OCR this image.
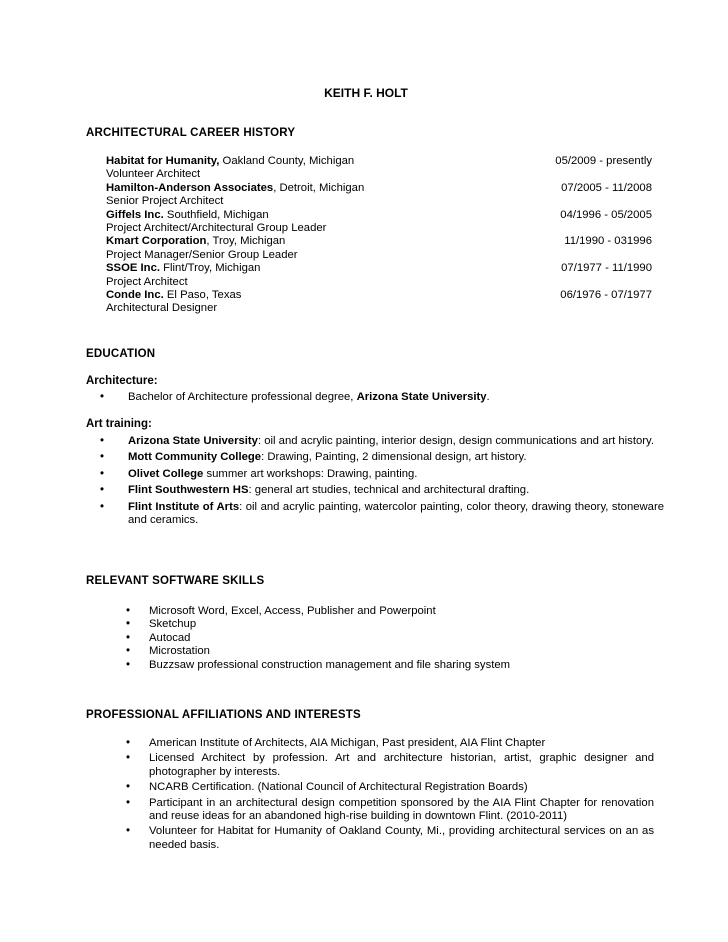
KEITH F. HOLT
ARCHITECTURAL CAREER HISTORY
Habitat for Humanity, Oakland County, Michigan	05/2009 - presently
Volunteer Architect
Hamilton-Anderson Associates, Detroit, Michigan	07/2005 - 11/2008
Senior Project Architect
Giffels Inc. Southfield, Michigan	04/1996 - 05/2005
Project Architect/Architectural Group Leader
Kmart Corporation, Troy, Michigan	11/1990 - 031996
Project Manager/Senior Group Leader
SSOE Inc. Flint/Troy, Michigan	07/1977 - 11/1990
Project Architect
Conde Inc. El Paso, Texas	06/1976 - 07/1977
Architectural Designer
EDUCATION
Architecture:
• Bachelor of Architecture professional degree, Arizona State University.
Art training:
• Arizona State University: oil and acrylic painting, interior design, design communications and art history.
• Mott Community College: Drawing, Painting, 2 dimensional design, art history.
• Olivet College summer art workshops: Drawing, painting.
• Flint Southwestern HS: general art studies, technical and architectural drafting.
• Flint Institute of Arts: oil and acrylic painting, watercolor painting, color theory, drawing theory, stoneware and ceramics.
RELEVANT SOFTWARE SKILLS
• Microsoft Word, Excel, Access, Publisher and Powerpoint
• Sketchup
• Autocad
• Microstation
• Buzzsaw professional construction management and file sharing system
PROFESSIONAL AFFILIATIONS AND INTERESTS
• American Institute of Architects, AIA Michigan, Past president, AIA Flint Chapter
• Licensed Architect by profession. Art and architecture historian, artist, graphic designer and photographer by interests.
• NCARB Certification. (National Council of Architectural Registration Boards)
• Participant in an architectural design competition sponsored by the AIA Flint Chapter for renovation and reuse ideas for an abandoned high-rise building in downtown Flint. (2010-2011)
• Volunteer for Habitat for Humanity of Oakland County, Mi., providing architectural services on an as needed basis.
